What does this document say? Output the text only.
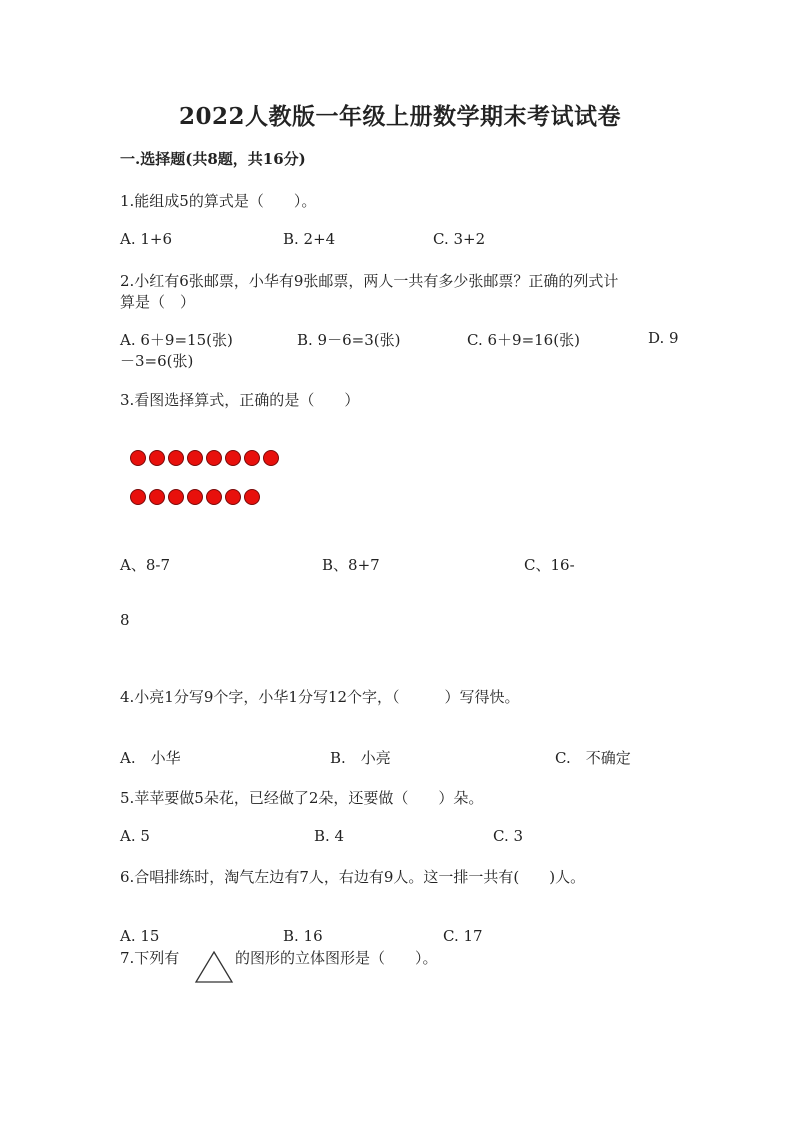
2022人教版一年级上册数学期末考试试卷
一.选择题(共8题，共16分)
1.能组成5的算式是（　　）。
A. 1+6	B. 2+4	C. 3+2
2.小红有6张邮票，小华有9张邮票，两人一共有多少张邮票？正确的列式计
算是（　）
A. 6＋9=15(张)	B. 9－6=3(张)	C. 6＋9=16(张)	D. 9
－3=6(张)
3.看图选择算式，正确的是（　　）
A、8-7	B、8+7	C、16-
8
4.小亮1分写9个字，小华1分写12个字，（　　　）写得快。
A.　小华	B.　小亮	C.　不确定
5.苹苹要做5朵花，已经做了2朵，还要做（　　）朵。
A. 5	B. 4	C. 3
6.合唱排练时，淘气左边有7人，右边有9人。这一排一共有(　　)人。
A. 15	B. 16	C. 17
7.下列有	的图形的立体图形是（　　）。
